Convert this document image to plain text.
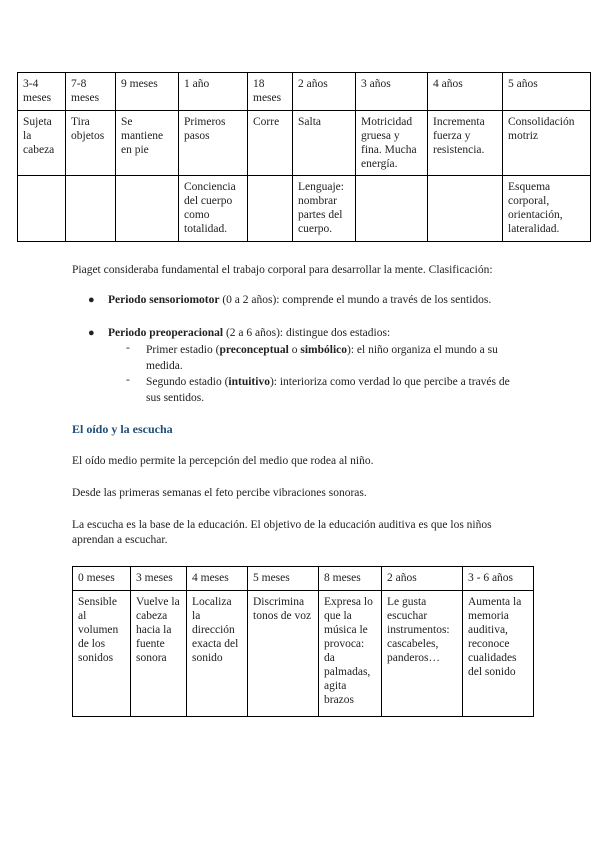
3-4 meses	7-8 meses	9 meses	1 año	18 meses	2 años	3 años	4 años	5 años
Sujeta la cabeza	Tira objetos	Se mantiene en pie	Primeros pasos	Corre	Salta	Motricidad gruesa y fina. Mucha energía.	Incrementa fuerza y resistencia.	Consolidación motriz
			Conciencia del cuerpo como totalidad.		Lenguaje: nombrar partes del cuerpo.			Esquema corporal, orientación, lateralidad.
Piaget consideraba fundamental el trabajo corporal para desarrollar la mente. Clasificación:
● Periodo sensoriomotor (0 a 2 años): comprende el mundo a través de los sentidos.
● Periodo preoperacional (2 a 6 años): distingue dos estadios:
- Primer estadio (preconceptual o simbólico): el niño organiza el mundo a su medida.
- Segundo estadio (intuitivo): interioriza como verdad lo que percibe a través de sus sentidos.
El oído y la escucha
El oído medio permite la percepción del medio que rodea al niño.
Desde las primeras semanas el feto percibe vibraciones sonoras.
La escucha es la base de la educación. El objetivo de la educación auditiva es que los niños aprendan a escuchar.
0 meses	3 meses	4 meses	5 meses	8 meses	2 años	3 - 6 años
Sensible al volumen de los sonidos	Vuelve la cabeza hacia la fuente sonora	Localiza la dirección exacta del sonido	Discrimina tonos de voz	Expresa lo que la música le provoca: da palmadas, agita brazos	Le gusta escuchar instrumentos: cascabeles, panderos…	Aumenta la memoria auditiva, reconoce cualidades del sonido
